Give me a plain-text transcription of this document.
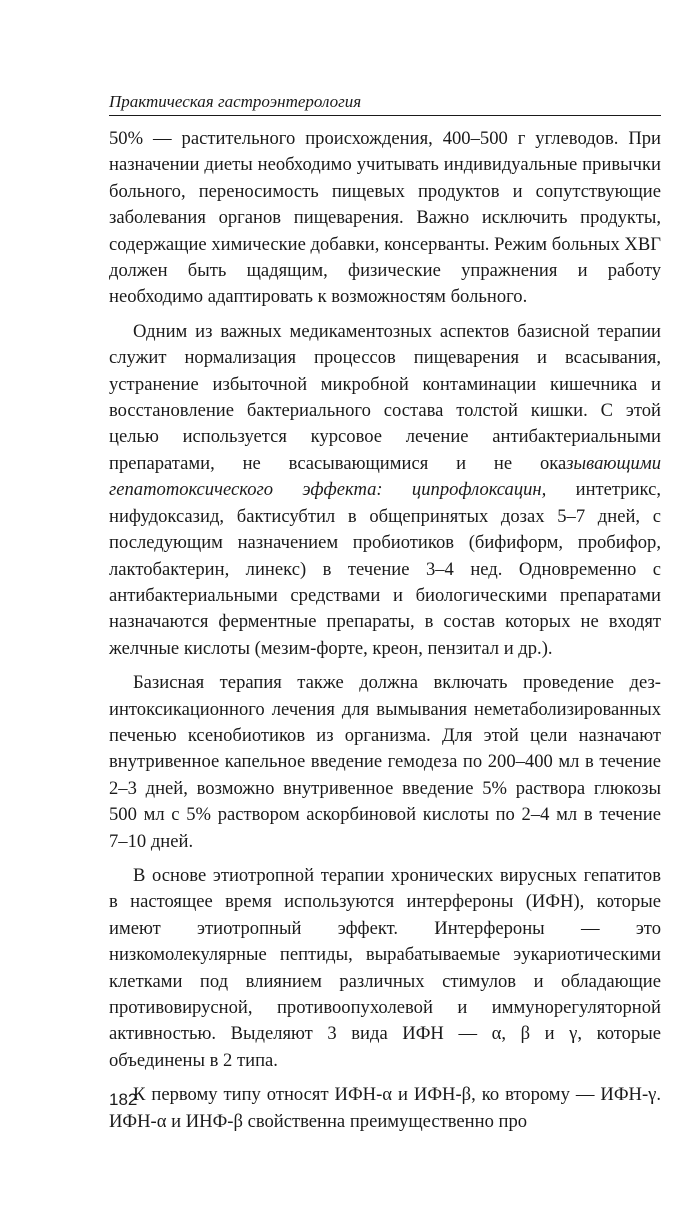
Практическая гастроэнтерология

50% — растительного происхождения, 400–500 г углеводов. При назначении диеты необходимо учитывать индивидуальные привычки больного, переносимость пищевых продуктов и сопутствующие заболевания органов пищеварения. Важно исключить продукты, содержащие химические добавки, консерванты. Режим больных ХВГ должен быть щадящим, физические упражнения и работу необходимо адаптировать к возможностям больного.

Одним из важных медикаментозных аспектов базисной терапии служит нормализация процессов пищеварения и всасывания, устранение избыточной микробной контаминации кишечника и восстановление бактериального состава толстой кишки. С этой целью используется курсовое лечение антибактериальными препаратами, не всасывающимися и не оказывающими гепатотоксического эффекта: ципрофлоксацин, интетрикс, нифудоксазид, бактисубтил в общепринятых дозах 5–7 дней, с последующим назначением пробиотиков (бифиформ, пробифор, лактобактерин, линекс) в течение 3–4 нед. Одновременно с антибактериальными средствами и биологическими препаратами назначаются ферментные препараты, в состав которых не входят желчные кислоты (мезим-форте, креон, пензитал и др.).

Базисная терапия также должна включать проведение дезинтоксикационного лечения для вымывания неметаболизированных печенью ксенобиотиков из организма. Для этой цели назначают внутривенное капельное введение гемодеза по 200–400 мл в течение 2–3 дней, возможно внутривенное введение 5% раствора глюкозы 500 мл с 5% раствором аскорбиновой кислоты по 2–4 мл в течение 7–10 дней.

В основе этиотропной терапии хронических вирусных гепатитов в настоящее время используются интерфероны (ИФН), которые имеют этиотропный эффект. Интерфероны — это низкомолекулярные пептиды, вырабатываемые эукариотическими клетками под влиянием различных стимулов и обладающие противовирусной, противоопухолевой и иммунорегуляторной активностью. Выделяют 3 вида ИФН — α, β и γ, которые объединены в 2 типа.

К первому типу относят ИФН-α и ИФН-β, ко второму — ИФН-γ. ИФН-α и ИНФ-β свойственна преимущественно про

182
